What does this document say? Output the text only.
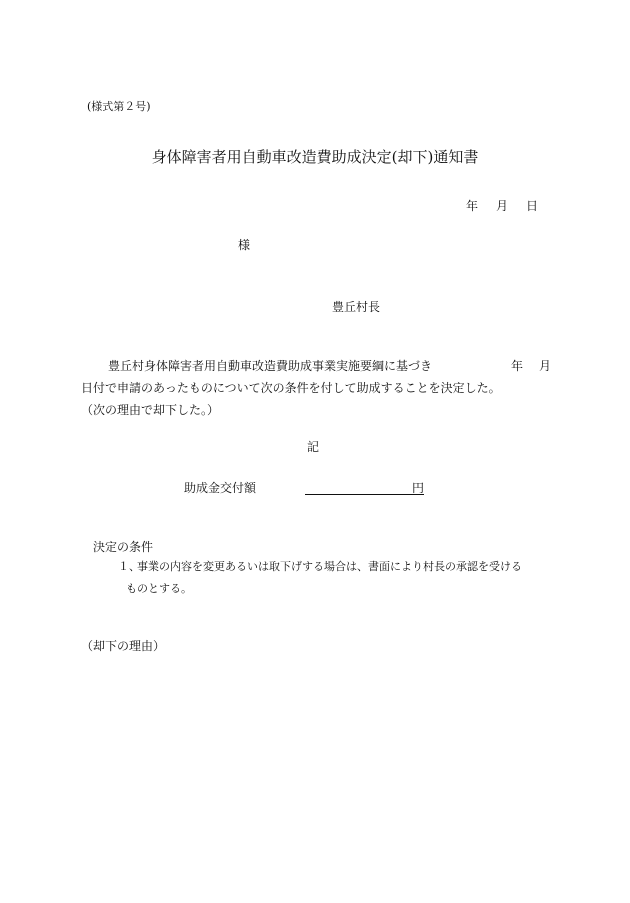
(様式第２号)
身体障害者用自動車改造費助成決定(却下)通知書
年 月 日
様
豊丘村長
豊丘村身体障害者用自動車改造費助成事業実施要綱に基づき	年 月
日付で申請のあったものについて次の条件を付して助成することを決定した。
（次の理由で却下した。）
記
助成金交付額	円
決定の条件
１、
事業の内容を変更あるいは取下げする場合は、書面により村長の承認を受ける
ものとする。
（却下の理由）
